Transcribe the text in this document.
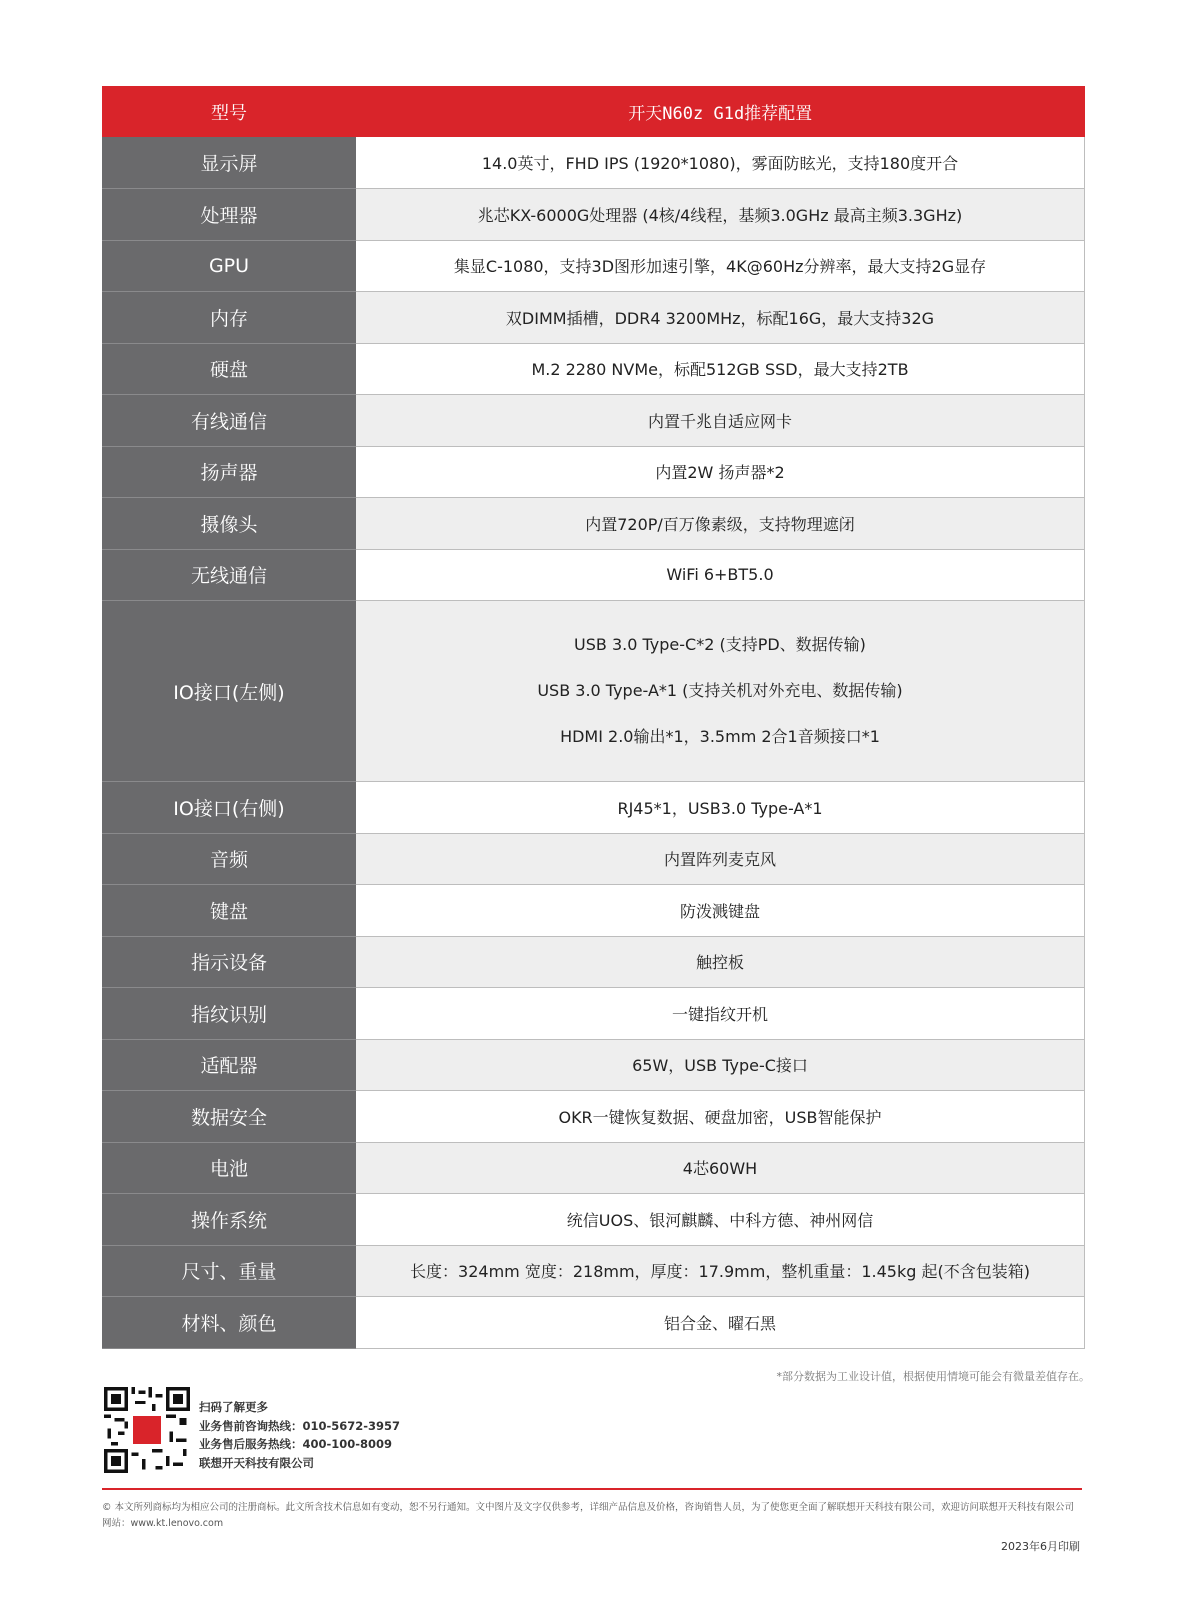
型号	开天N60z G1d推荐配置
显示屏	14.0英寸，FHD IPS (1920*1080)，雾面防眩光，支持180度开合
处理器	兆芯KX-6000G处理器 (4核/4线程，基频3.0GHz 最高主频3.3GHz)
GPU	集显C-1080，支持3D图形加速引擎，4K@60Hz分辨率，最大支持2G显存
内存	双DIMM插槽，DDR4 3200MHz，标配16G，最大支持32G
硬盘	M.2 2280 NVMe，标配512GB SSD，最大支持2TB
有线通信	内置千兆自适应网卡
扬声器	内置2W 扬声器*2
摄像头	内置720P/百万像素级，支持物理遮闭
无线通信	WiFi 6+BT5.0
IO接口(左侧)	USB 3.0 Type-C*2 (支持PD、数据传输)
USB 3.0 Type-A*1 (支持关机对外充电、数据传输)
HDMI 2.0输出*1，3.5mm 2合1音频接口*1

IO接口(右侧)	RJ45*1，USB3.0 Type-A*1
音频	内置阵列麦克风
键盘	防泼溅键盘
指示设备	触控板
指纹识别	一键指纹开机
适配器	65W，USB Type-C接口
数据安全	OKR一键恢复数据、硬盘加密，USB智能保护
电池	4芯60WH
操作系统	统信UOS、银河麒麟、中科方德、神州网信
尺寸、重量	长度：324mm 宽度：218mm，厚度：17.9mm，整机重量：1.45kg 起(不含包装箱)
材料、颜色	铝合金、曜石黑
*部分数据为工业设计值，根据使用情境可能会有微量差值存在。
扫码了解更多
业务售前咨询热线：010-5672-3957
业务售后服务热线：400-100-8009
联想开天科技有限公司
© 本文所列商标均为相应公司的注册商标。此文所含技术信息如有变动，恕不另行通知。文中图片及文字仅供参考，详细产品信息及价格，咨询销售人员，为了使您更全面了解联想开天科技有限公司，欢迎访问联想开天科技有限公司网站：www.kt.lenovo.com
2023年6月印刷
